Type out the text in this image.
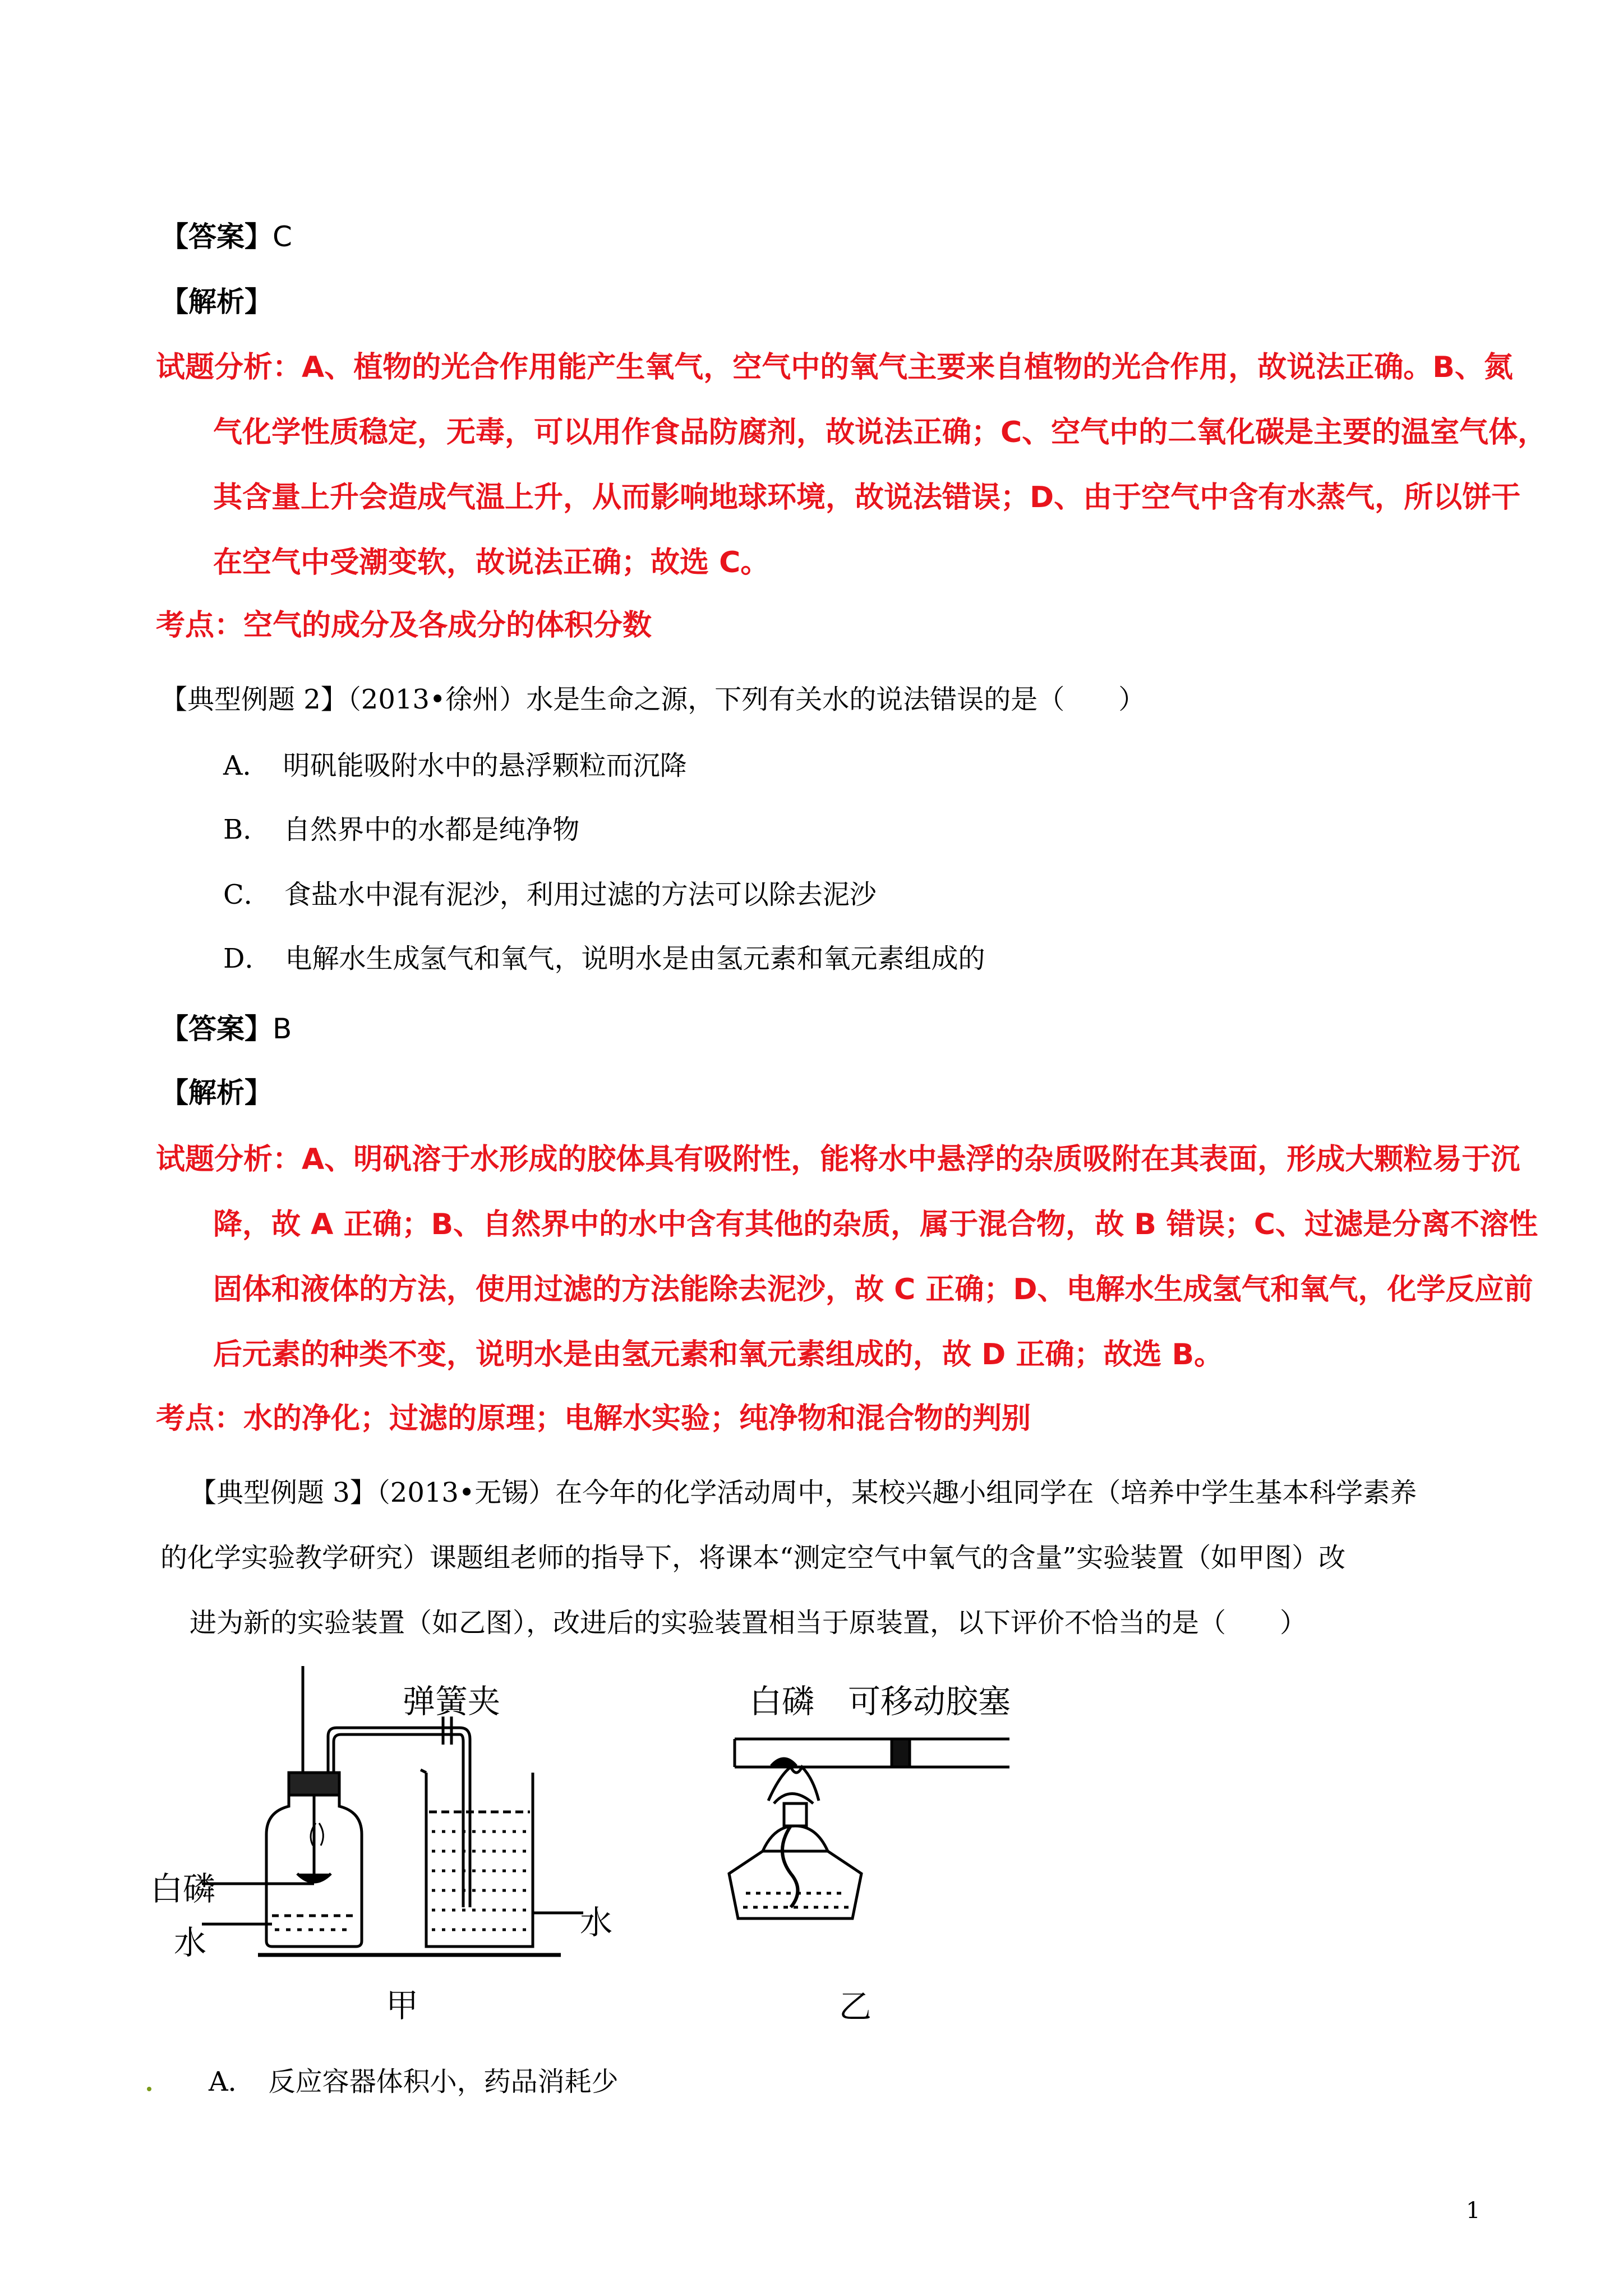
【答案】C
【解析】
试题分析：A、植物的光合作用能产生氧气，空气中的氧气主要来自植物的光合作用，故说法正确。B、氮
气化学性质稳定，无毒，可以用作食品防腐剂，故说法正确；C、空气中的二氧化碳是主要的温室气体，
其含量上升会造成气温上升，从而影响地球环境，故说法错误；D、由于空气中含有水蒸气，所以饼干
在空气中受潮变软，故说法正确；故选 C。
考点：空气的成分及各成分的体积分数
【典型例题 2】（2013•徐州）水是生命之源，下列有关水的说法错误的是（　　）
A．　明矾能吸附水中的悬浮颗粒而沉降
B．　自然界中的水都是纯净物
C．　食盐水中混有泥沙，利用过滤的方法可以除去泥沙
D．　电解水生成氢气和氧气，说明水是由氢元素和氧元素组成的
【答案】B
【解析】
试题分析：A、明矾溶于水形成的胶体具有吸附性，能将水中悬浮的杂质吸附在其表面，形成大颗粒易于沉
降，故 A 正确；B、自然界中的水中含有其他的杂质，属于混合物，故 B 错误；C、过滤是分离不溶性
固体和液体的方法，使用过滤的方法能除去泥沙，故 C 正确；D、电解水生成氢气和氧气，化学反应前
后元素的种类不变，说明水是由氢元素和氧元素组成的，故 D 正确；故选 B。
考点：水的净化；过滤的原理；电解水实验；纯净物和混合物的判别
【典型例题 3】（2013•无锡）在今年的化学活动周中，某校兴趣小组同学在（培养中学生基本科学素养
的化学实验教学研究）课题组老师的指导下，将课本“测定空气中氧气的含量”实验装置（如甲图）改
进为新的实验装置（如乙图），改进后的实验装置相当于原装置，以下评价不恰当的是（　　）
弹簧夹
白磷
水
水
甲
白磷 可移动胶塞
乙
A．　反应容器体积小，药品消耗少
1
